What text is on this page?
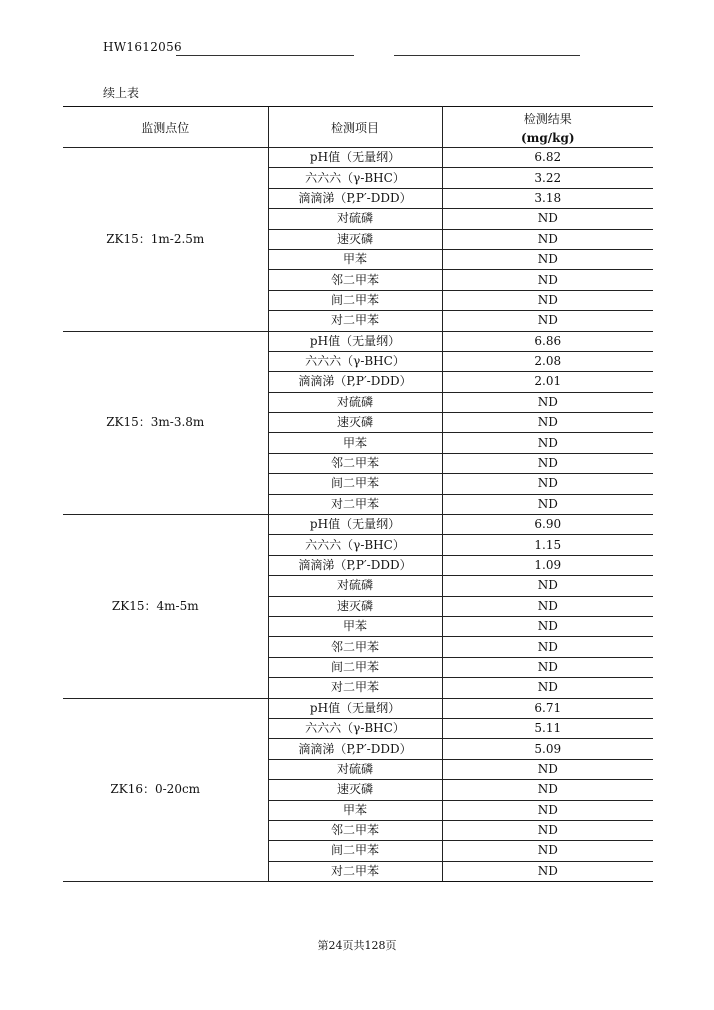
HW1612056
续上表
监测点位	检测项目	检测结果
(mg/kg)

ZK15：1m-2.5m	pH值（无量纲）	6.82
	六六六（γ-BHC）	3.22
	滴滴涕（P,P′-DDD）	3.18
	对硫磷	ND
	速灭磷	ND
	甲苯	ND
	邻二甲苯	ND
	间二甲苯	ND
	对二甲苯	ND
ZK15：3m-3.8m	pH值（无量纲）	6.86
	六六六（γ-BHC）	2.08
	滴滴涕（P,P′-DDD）	2.01
	对硫磷	ND
	速灭磷	ND
	甲苯	ND
	邻二甲苯	ND
	间二甲苯	ND
	对二甲苯	ND
ZK15：4m-5m	pH值（无量纲）	6.90
	六六六（γ-BHC）	1.15
	滴滴涕（P,P′-DDD）	1.09
	对硫磷	ND
	速灭磷	ND
	甲苯	ND
	邻二甲苯	ND
	间二甲苯	ND
	对二甲苯	ND
ZK16：0-20cm	pH值（无量纲）	6.71
	六六六（γ-BHC）	5.11
	滴滴涕（P,P′-DDD）	5.09
	对硫磷	ND
	速灭磷	ND
	甲苯	ND
	邻二甲苯	ND
	间二甲苯	ND
	对二甲苯	ND
第24页共128页
